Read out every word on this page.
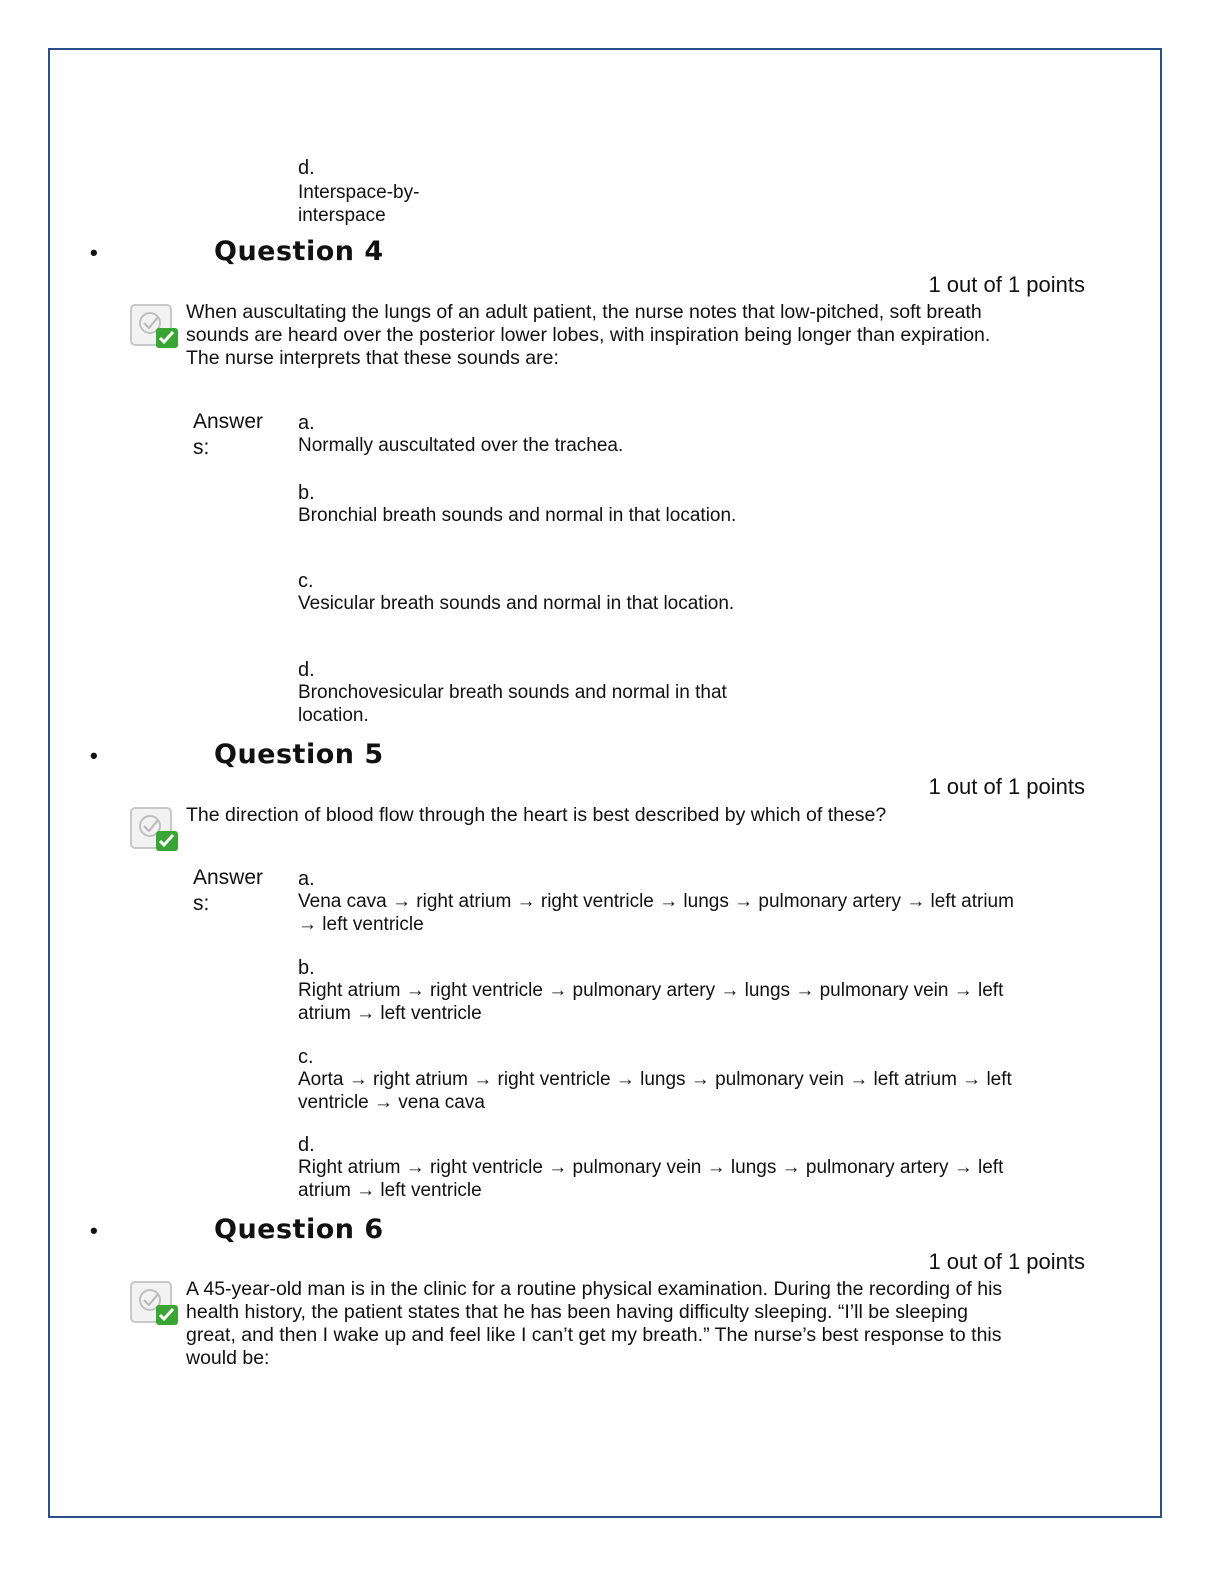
d.
Interspace-by-
interspace
•	Question 4
1 out of 1 points
When auscultating the lungs of an adult patient, the nurse notes that low-pitched, soft breath sounds are heard over the posterior lower lobes, with inspiration being longer than expiration. The nurse interprets that these sounds are:
Answer
s:
a.
Normally auscultated over the trachea.
b.
Bronchial breath sounds and normal in that location.
c.
Vesicular breath sounds and normal in that location.
d.
Bronchovesicular breath sounds and normal in that location.
•	Question 5
1 out of 1 points
The direction of blood flow through the heart is best described by which of these?
Answer
s:
a.
Vena cava → right atrium → right ventricle → lungs → pulmonary artery → left atrium → left ventricle
b.
Right atrium → right ventricle → pulmonary artery → lungs → pulmonary vein → left atrium → left ventricle
c.
Aorta → right atrium → right ventricle → lungs → pulmonary vein → left atrium → left ventricle → vena cava
d.
Right atrium → right ventricle → pulmonary vein → lungs → pulmonary artery → left atrium → left ventricle
•	Question 6
1 out of 1 points
A 45-year-old man is in the clinic for a routine physical examination. During the recording of his health history, the patient states that he has been having difficulty sleeping. “I’ll be sleeping great, and then I wake up and feel like I can’t get my breath.” The nurse’s best response to this would be:
